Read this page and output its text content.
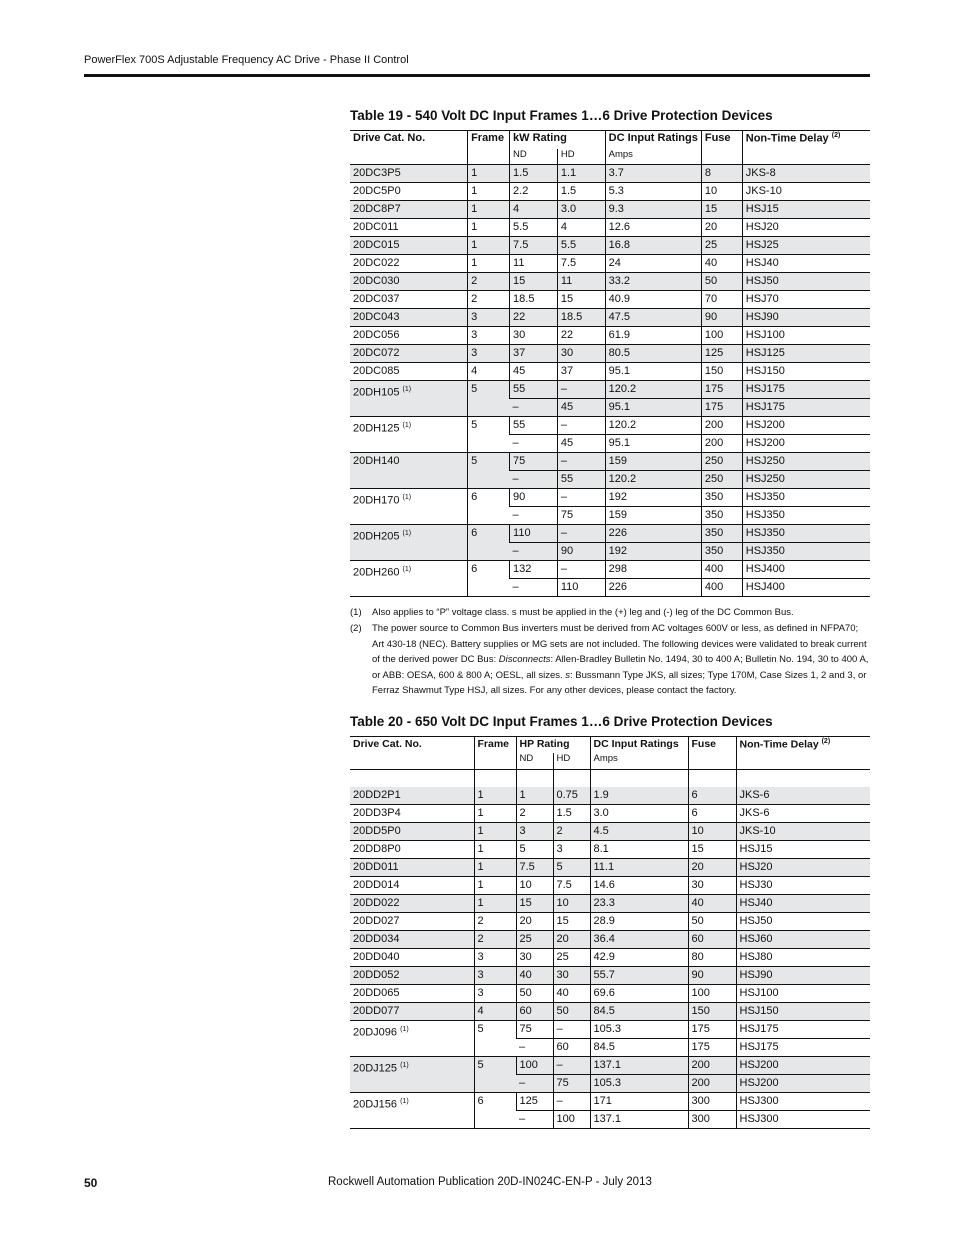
PowerFlex 700S Adjustable Frequency AC Drive - Phase II Control
Table 19 - 540 Volt DC Input Frames 1…6 Drive Protection Devices
Drive Cat. No.	Frame	kW Rating		DC Input Ratings	Fuse	Non-Time Delay $^{(2)}$
		ND	HD	Amps		
20DC3P5	1	1.5	1.1	3.7	8	JKS-8
20DC5P0	1	2.2	1.5	5.3	10	JKS-10
20DC8P7	1	4	3.0	9.3	15	HSJ15
20DC011	1	5.5	4	12.6	20	HSJ20
20DC015	1	7.5	5.5	16.8	25	HSJ25
20DC022	1	11	7.5	24	40	HSJ40
20DC030	2	15	11	33.2	50	HSJ50
20DC037	2	18.5	15	40.9	70	HSJ70
20DC043	3	22	18.5	47.5	90	HSJ90
20DC056	3	30	22	61.9	100	HSJ100
20DC072	3	37	30	80.5	125	HSJ125
20DC085	4	45	37	95.1	150	HSJ150
20DH105 $^{(1)}$	5	55	–	120.2	175	HSJ175
		–	45	95.1	175	HSJ175
20DH125 $^{(1)}$	5	55	–	120.2	200	HSJ200
		–	45	95.1	200	HSJ200
20DH140	5	75	–	159	250	HSJ250
		–	55	120.2	250	HSJ250
20DH170 $^{(1)}$	6	90	–	192	350	HSJ350
		–	75	159	350	HSJ350
20DH205 $^{(1)}$	6	110	–	226	350	HSJ350
		–	90	192	350	HSJ350
20DH260 $^{(1)}$	6	132	–	298	400	HSJ400
		–	110	226	400	HSJ400
(1) Also applies to “P” voltage class. s must be applied in the (+) leg and (-) leg of the DC Common Bus.
(2) The power source to Common Bus inverters must be derived from AC voltages 600V or less, as defined in NFPA70; Art 430-18 (NEC). Battery supplies or MG sets are not included. The following devices were validated to break current of the derived power DC Bus: Disconnects: Allen-Bradley Bulletin No. 1494, 30 to 400 A; Bulletin No. 194, 30 to 400 A, or ABB: OESA, 600 & 800 A; OESL, all sizes. s: Bussmann Type JKS, all sizes; Type 170M, Case Sizes 1, 2 and 3, or Ferraz Shawmut Type HSJ, all sizes. For any other devices, please contact the factory.
Table 20 - 650 Volt DC Input Frames 1…6 Drive Protection Devices
Drive Cat. No.	Frame	HP Rating		DC Input Ratings	Fuse	Non-Time Delay $^{(2)}$
		ND	HD	Amps		

20DD2P1	1	1	0.75	1.9	6	JKS-6
20DD3P4	1	2	1.5	3.0	6	JKS-6
20DD5P0	1	3	2	4.5	10	JKS-10
20DD8P0	1	5	3	8.1	15	HSJ15
20DD011	1	7.5	5	11.1	20	HSJ20
20DD014	1	10	7.5	14.6	30	HSJ30
20DD022	1	15	10	23.3	40	HSJ40
20DD027	2	20	15	28.9	50	HSJ50
20DD034	2	25	20	36.4	60	HSJ60
20DD040	3	30	25	42.9	80	HSJ80
20DD052	3	40	30	55.7	90	HSJ90
20DD065	3	50	40	69.6	100	HSJ100
20DD077	4	60	50	84.5	150	HSJ150
20DJ096 $^{(1)}$	5	75	–	105.3	175	HSJ175
		–	60	84.5	175	HSJ175
20DJ125 $^{(1)}$	5	100	–	137.1	200	HSJ200
		–	75	105.3	200	HSJ200
20DJ156 $^{(1)}$	6	125	–	171	300	HSJ300
		–	100	137.1	300	HSJ300
50	Rockwell Automation Publication 20D-IN024C-EN-P - July 2013
